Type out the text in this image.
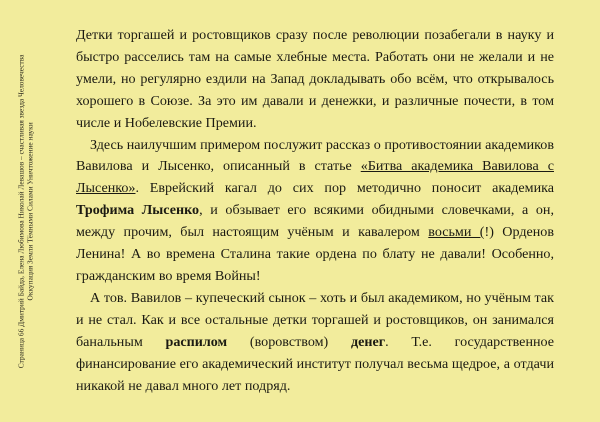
Страница 66 Дмитрий Байда, Елена Любимова Николай Левашов – счастливая звезда Человечества Оккупация Земли Тёмными Силами Уничтожение науки

Детки торгашей и ростовщиков сразу после революции позабегали в науку и быстро расселись там на самые хлебные места. Работать они не желали и не умели, но регулярно ездили на Запад докладывать обо всём, что открывалось хорошего в Союзе. За это им давали и денежки, и различные почести, в том числе и Нобелевские Премии.

Здесь наилучшим примером послужит рассказ о противостоянии академиков Вавилова и Лысенко, описанный в статье «Битва академика Вавилова с Лысенко». Еврейский кагал до сих пор методично поносит академика Трофима Лысенко, и обзывает его всякими обидными словечками, а он, между прочим, был настоящим учёным и кавалером восьми (!) Орденов Ленина! А во времена Сталина такие ордена по блату не давали! Особенно, гражданским во время Войны!

А тов. Вавилов – купеческий сынок – хоть и был академиком, но учёным так и не стал. Как и все остальные детки торгашей и ростовщиков, он занимался банальным распилом (воровством) денег. Т.е. государственное финансирование его академический институт получал весьма щедрое, а отдачи никакой не давал много лет подряд.
